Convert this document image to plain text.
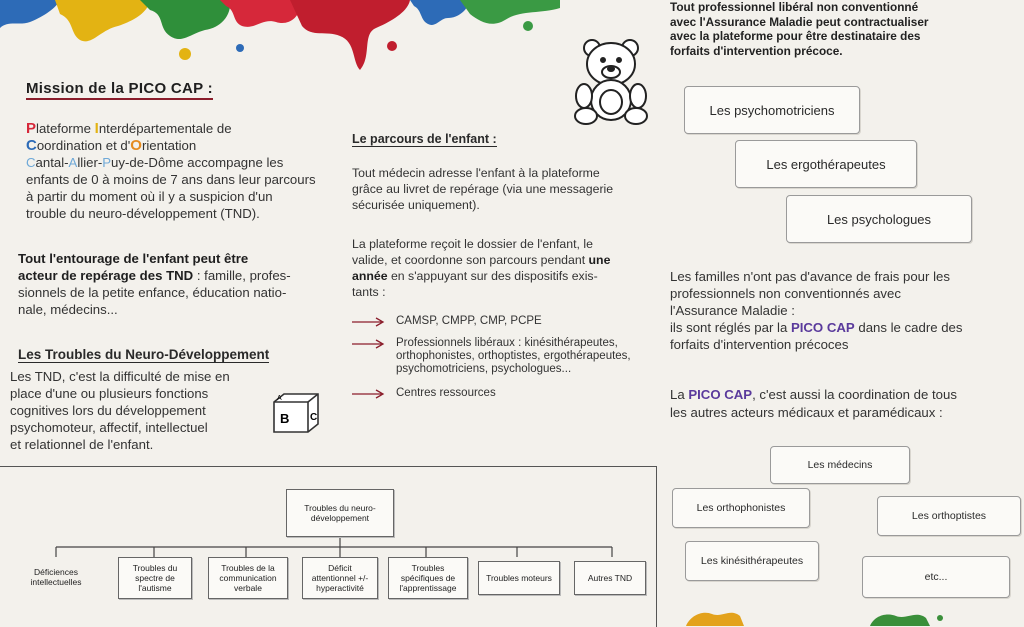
Mission de la PICO CAP :
Plateforme Interdépartementale de
Coordination et d'Orientation
Cantal-Allier-Puy-de-Dôme accompagne les
enfants de 0 à moins de 7 ans dans leur parcours
à partir du moment où il y a suspicion d'un
trouble du neuro-développement (TND).
Tout l'entourage de l'enfant peut être
acteur de repérage des TND : famille, profes-
sionnels de la petite enfance, éducation natio-
nale, médecins...
Les Troubles du Neuro-Développement
Les TND, c'est la difficulté de mise en
place d'une ou plusieurs fonctions
cognitives lors du développement
psychomoteur, affectif, intellectuel
et relationnel de l'enfant.
A
B C
Le parcours de l'enfant :
Tout médecin adresse l'enfant à la plateforme
grâce au livret de repérage (via une messagerie
sécurisée uniquement).
La plateforme reçoit le dossier de l'enfant, le
valide, et coordonne son parcours pendant une
année en s'appuyant sur des dispositifs exis-
tants :
CAMSP, CMPP, CMP, PCPE
Professionnels libéraux : kinésithérapeutes,
orthophonistes, orthoptistes, ergothérapeutes,
psychomotriciens, psychologues...
Centres ressources
Tout professionnel libéral non conventionné
avec l'Assurance Maladie peut contractualiser
avec la plateforme pour être destinataire des
forfaits d'intervention précoce.
Les psychomotriciens
Les ergothérapeutes
Les psychologues
Les familles n'ont pas d'avance de frais pour les
professionnels non conventionnés avec
l'Assurance Maladie :
ils sont réglés par la PICO CAP dans le cadre des
forfaits d'intervention précoces
La PICO CAP, c'est aussi la coordination de tous
les autres acteurs médicaux et paramédicaux :
Les médecins
Les orthophonistes
Les orthoptistes
Les kinésithérapeutes
etc...
Troubles du neuro-
développement
Déficiences
intellectuelles
Troubles du
spectre de
l'autisme
Troubles de la
communication
verbale
Déficit
attentionnel +/-
hyperactivité
Troubles
spécifiques de
l'apprentissage
Troubles moteurs	Autres TND
